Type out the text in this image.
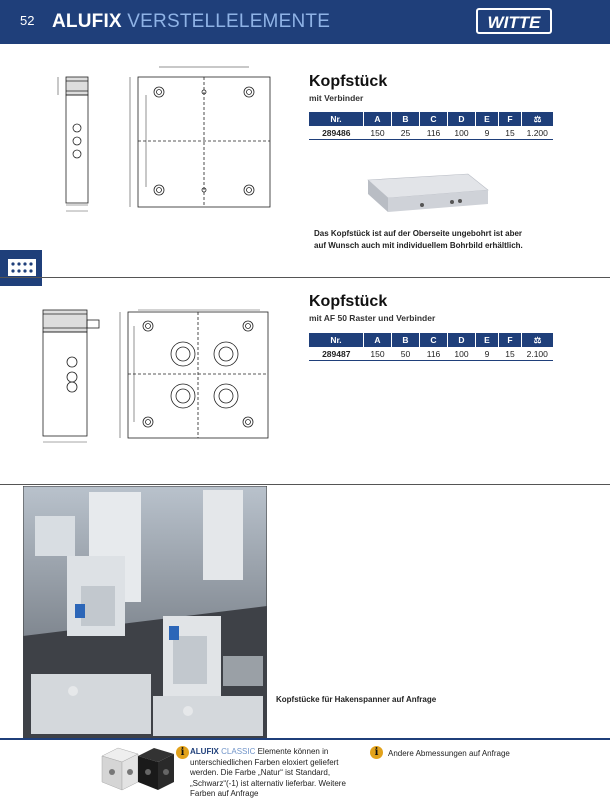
52 ALUFIX VERSTELLELEMENTE	WITTE
Kopfstück
mit Verbinder
Nr.	A	B	C	D	E	F	⚖
289486	150	25	116	100	9	15	1.200
Das Kopfstück ist auf der Oberseite ungebohrt ist aber
auf Wunsch auch mit individuellem Bohrbild erhältlich.
Kopfstück
mit AF 50 Raster und Verbinder
Nr.	A	B	C	D	E	F	⚖
289487	150	50	116	100	9	15	2.100
Kopfstücke für Hakenspanner auf Anfrage
i ALUFIX CLASSIC Elemente können in
unterschiedlichen Farben eloxiert geliefert
werden. Die Farbe „Natur“ ist Standard,
„Schwarz“(-1) ist alternativ lieferbar. Weitere
Farben auf Anfrage
i	Andere Abmessungen auf Anfrage
